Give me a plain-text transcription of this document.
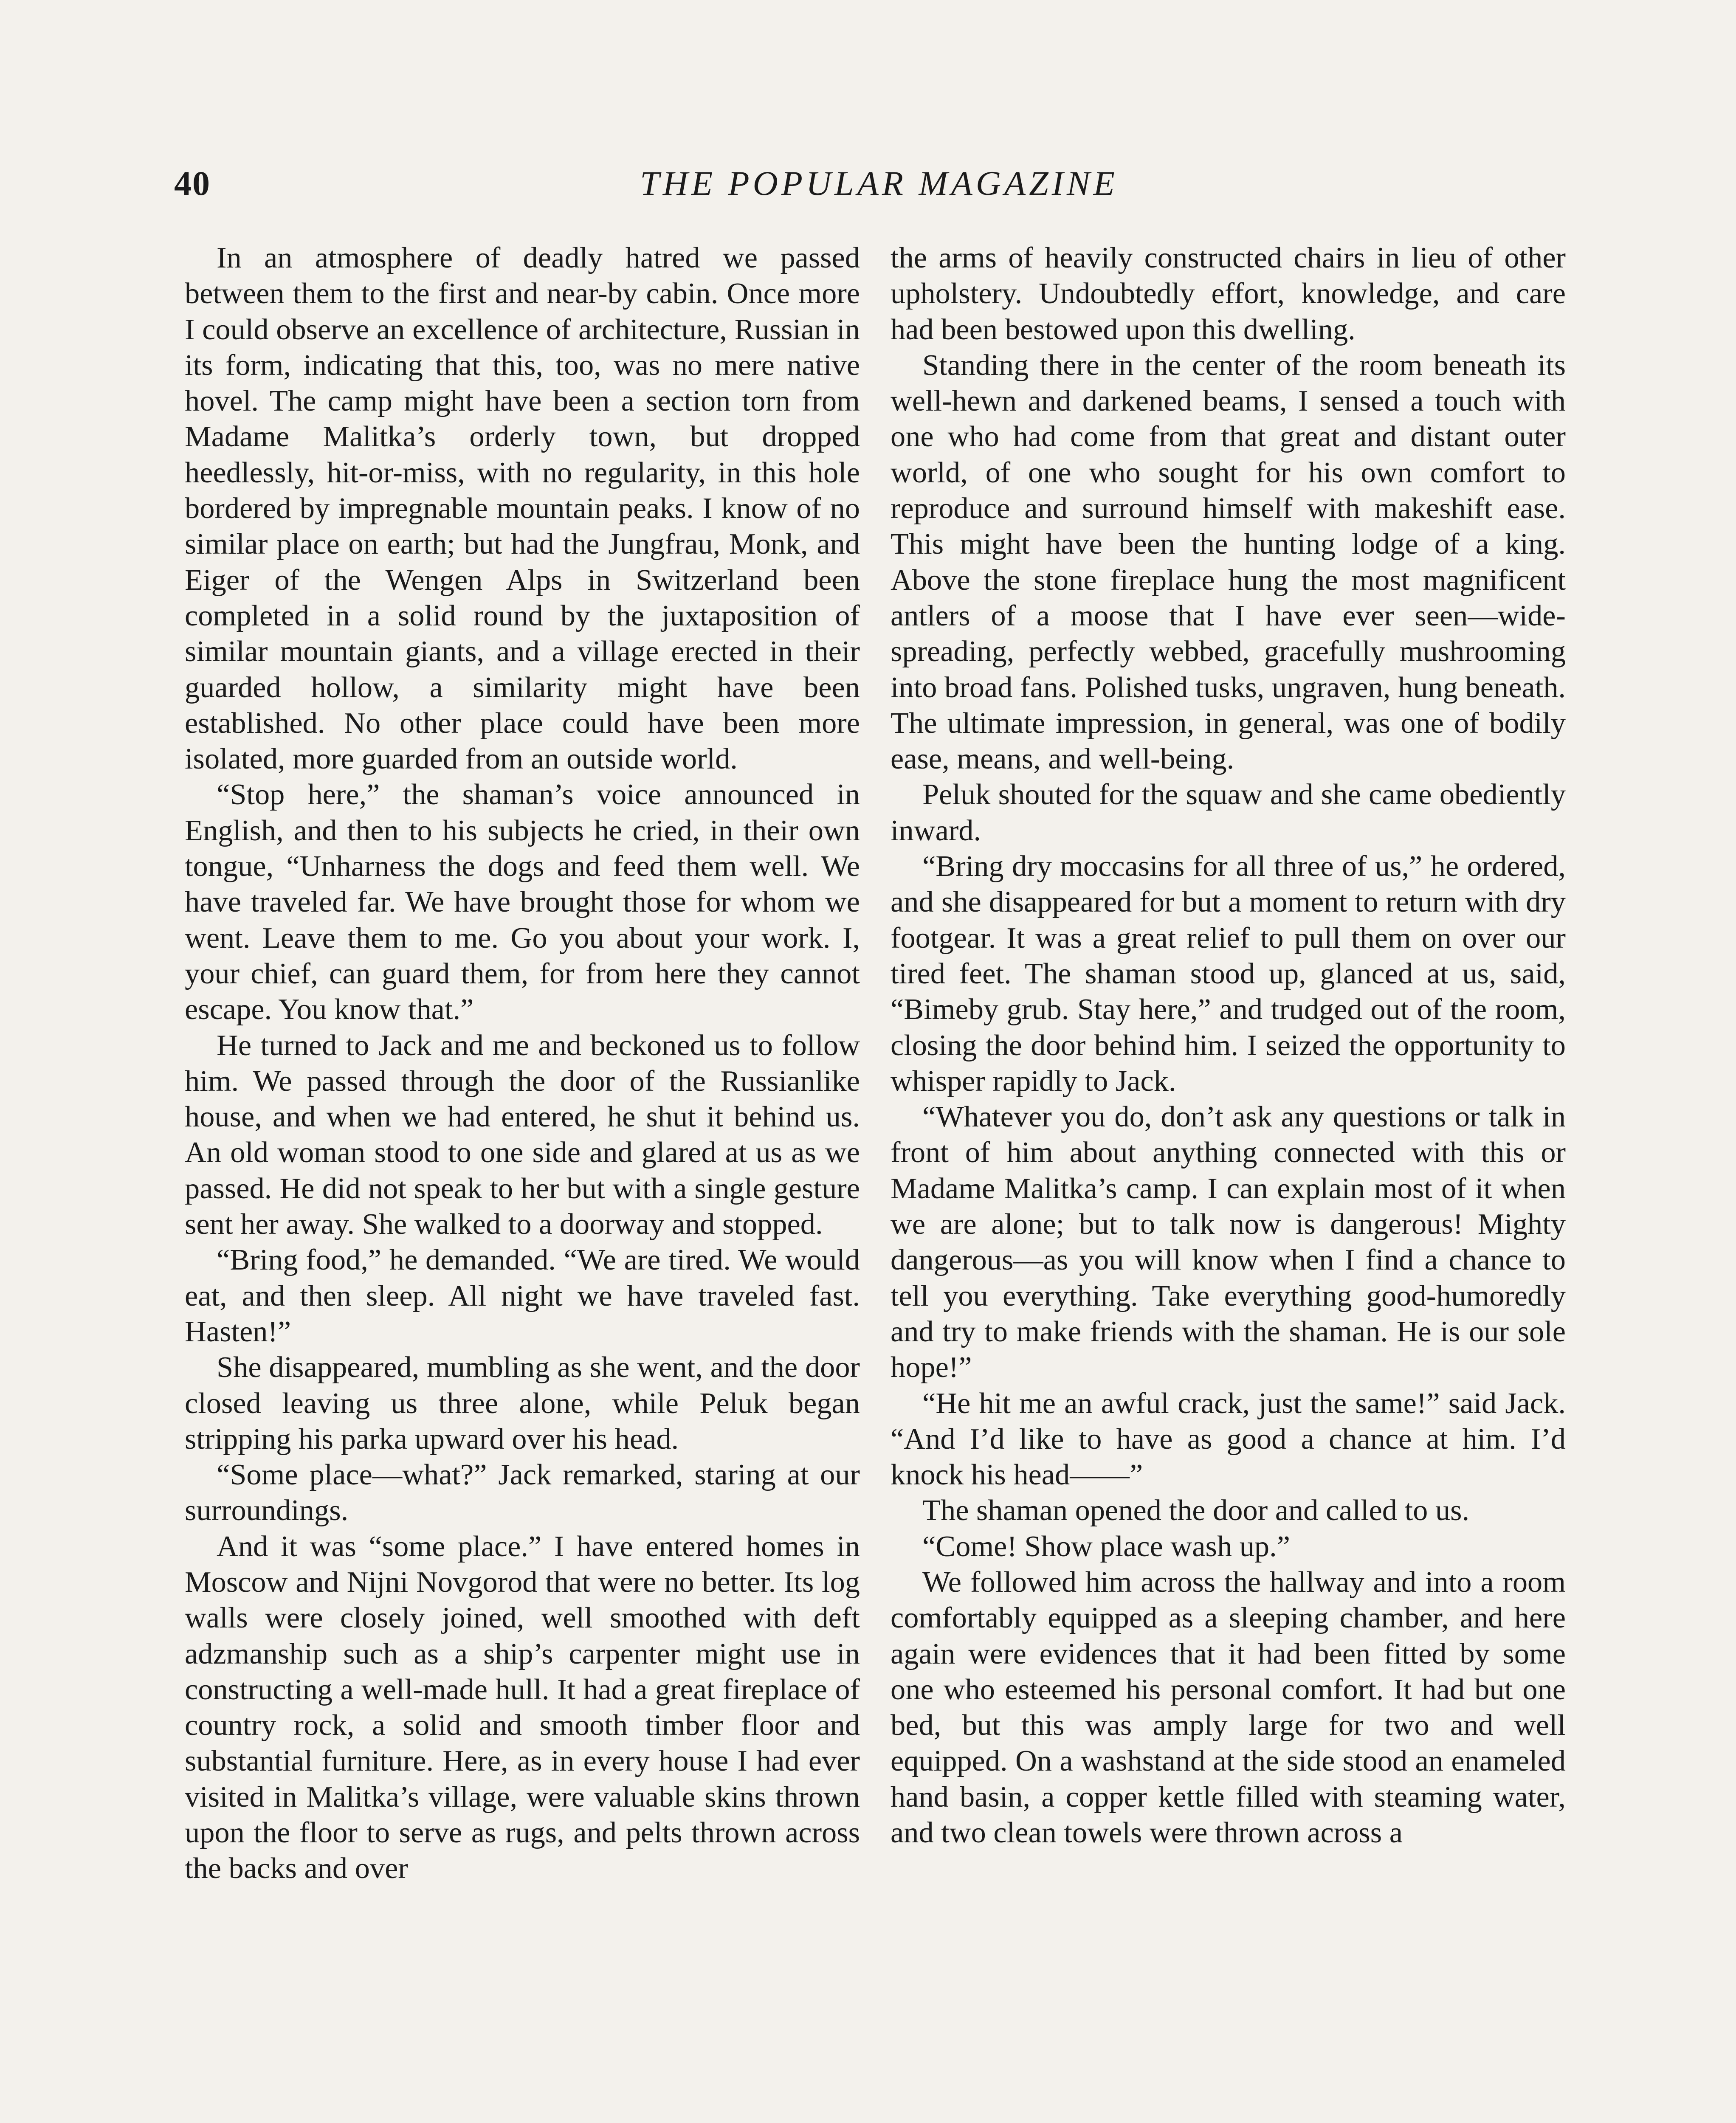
40	THE POPULAR MAGAZINE

In an atmosphere of deadly hatred we passed between them to the first and near-by cabin. Once more I could observe an excellence of architecture, Russian in its form, indicating that this, too, was no mere native hovel. The camp might have been a section torn from Madame Malitka’s orderly town, but dropped heedlessly, hit-or-miss, with no regularity, in this hole bordered by impregnable mountain peaks. I know of no similar place on earth; but had the Jungfrau, Monk, and Eiger of the Wengen Alps in Switzerland been completed in a solid round by the juxtaposition of similar mountain giants, and a village erected in their guarded hollow, a similarity might have been established. No other place could have been more isolated, more guarded from an outside world.

“Stop here,” the shaman’s voice announced in English, and then to his subjects he cried, in their own tongue, “Unharness the dogs and feed them well. We have traveled far. We have brought those for whom we went. Leave them to me. Go you about your work. I, your chief, can guard them, for from here they cannot escape. You know that.”

He turned to Jack and me and beckoned us to follow him. We passed through the door of the Russianlike house, and when we had entered, he shut it behind us. An old woman stood to one side and glared at us as we passed. He did not speak to her but with a single gesture sent her away. She walked to a doorway and stopped.

“Bring food,” he demanded. “We are tired. We would eat, and then sleep. All night we have traveled fast. Hasten!”

She disappeared, mumbling as she went, and the door closed leaving us three alone, while Peluk began stripping his parka upward over his head.

“Some place—what?” Jack remarked, staring at our surroundings.

And it was “some place.” I have entered homes in Moscow and Nijni Novgorod that were no better. Its log walls were closely joined, well smoothed with deft adzmanship such as a ship’s carpenter might use in constructing a well-made hull. It had a great fireplace of country rock, a solid and smooth timber floor and substantial furniture. Here, as in every house I had ever visited in Malitka’s village, were valuable skins thrown upon the floor to serve as rugs, and pelts thrown across the backs and over

the arms of heavily constructed chairs in lieu of other upholstery. Undoubtedly effort, knowledge, and care had been bestowed upon this dwelling.

Standing there in the center of the room beneath its well-hewn and darkened beams, I sensed a touch with one who had come from that great and distant outer world, of one who sought for his own comfort to reproduce and surround himself with makeshift ease. This might have been the hunting lodge of a king. Above the stone fireplace hung the most magnificent antlers of a moose that I have ever seen—wide-spreading, perfectly webbed, gracefully mushrooming into broad fans. Polished tusks, ungraven, hung beneath. The ultimate impression, in general, was one of bodily ease, means, and well-being.

Peluk shouted for the squaw and she came obediently inward.

“Bring dry moccasins for all three of us,” he ordered, and she disappeared for but a moment to return with dry footgear. It was a great relief to pull them on over our tired feet. The shaman stood up, glanced at us, said, “Bimeby grub. Stay here,” and trudged out of the room, closing the door behind him. I seized the opportunity to whisper rapidly to Jack.

“Whatever you do, don’t ask any questions or talk in front of him about anything connected with this or Madame Malitka’s camp. I can explain most of it when we are alone; but to talk now is dangerous! Mighty dangerous—as you will know when I find a chance to tell you everything. Take everything good-humoredly and try to make friends with the shaman. He is our sole hope!”

“He hit me an awful crack, just the same!” said Jack. “And I’d like to have as good a chance at him. I’d knock his head——”

The shaman opened the door and called to us.

“Come! Show place wash up.”

We followed him across the hallway and into a room comfortably equipped as a sleeping chamber, and here again were evidences that it had been fitted by some one who esteemed his personal comfort. It had but one bed, but this was amply large for two and well equipped. On a washstand at the side stood an enameled hand basin, a copper kettle filled with steaming water, and two clean towels were thrown across a
